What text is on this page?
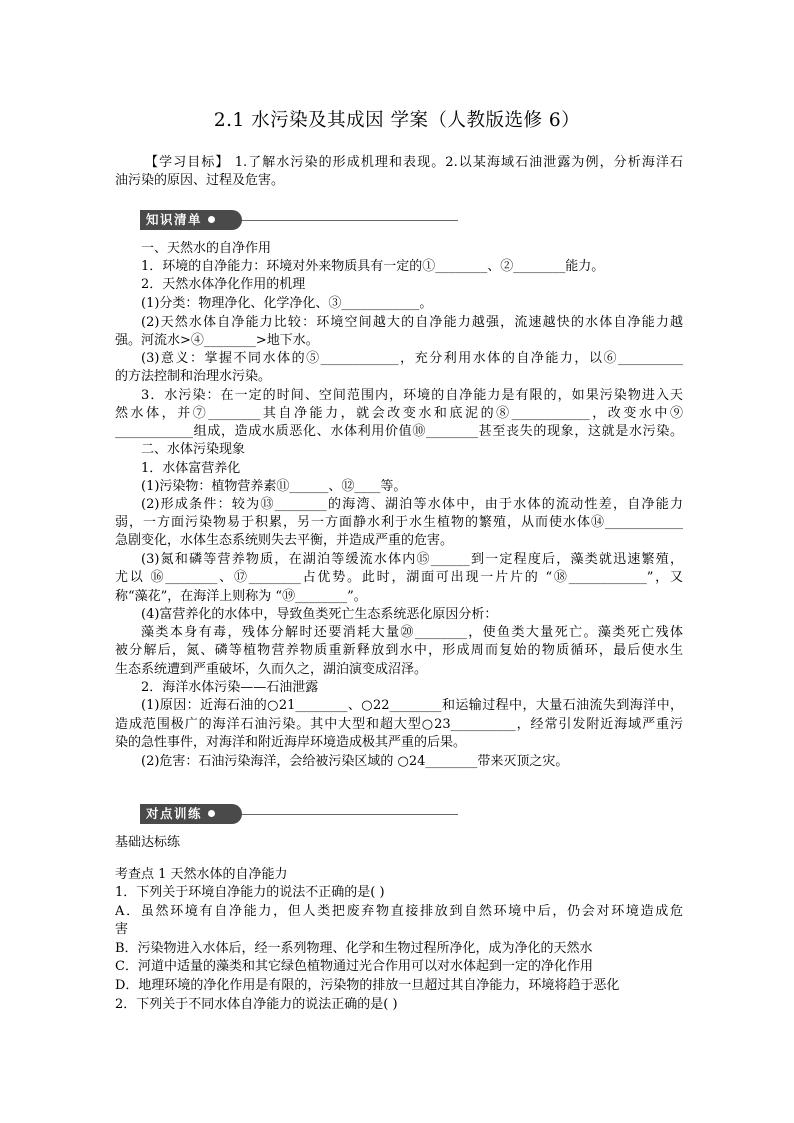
2.1 水污染及其成因 学案（人教版选修 6）
【学习目标】 1.了解水污染的形成机理和表现。2.以某海域石油泄露为例，分析海洋石
油污染的原因、过程及危害。
知识清单
一、天然水的自净作用
1．环境的自净能力：环境对外来物质具有一定的①________、②________能力。
2．天然水体净化作用的机理
(1)分类：物理净化、化学净化、③____________。
(2)天然水体自净能力比较：环境空间越大的自净能力越强，流速越快的水体自净能力越
强。河流水>④________>地下水。
(3)意义：掌握不同水体的⑤____________，充分利用水体的自净能力，以⑥__________
的方法控制和治理水污染。
3．水污染：在一定的时间、空间范围内，环境的自净能力是有限的，如果污染物进入天
然水体，并⑦________其自净能力，就会改变水和底泥的⑧____________，改变水中⑨
____________组成，造成水质恶化、水体利用价值⑩________甚至丧失的现象，这就是水污染。
二、水体污染现象
1．水体富营养化
(1)污染物：植物营养素⑪______、⑫____等。
(2)形成条件：较为⑬________的海湾、湖泊等水体中，由于水体的流动性差，自净能力
弱，一方面污染物易于积累，另一方面静水利于水生植物的繁殖，从而使水体⑭____________
急剧变化，水体生态系统则失去平衡，并造成严重的危害。
(3)氮和磷等营养物质，在湖泊等缓流水体内⑮______到一定程度后，藻类就迅速繁殖，
尤以 ⑯________、⑰________占优势。此时，湖面可出现一片片的 “⑱____________”，又
称“藻花”，在海洋上则称为 “⑲________”。
(4)富营养化的水体中，导致鱼类死亡生态系统恶化原因分析：
藻类本身有毒，残体分解时还要消耗大量⑳________，使鱼类大量死亡。藻类死亡残体
被分解后，氮、磷等植物营养物质重新释放到水中，形成周而复始的物质循环，最后使水生
生态系统遭到严重破坏，久而久之，湖泊演变成沼泽。
2．海洋水体污染——石油泄露
(1)原因：近海石油的○21________、○22________和运输过程中，大量石油流失到海洋中，
造成范围极广的海洋石油污染。其中大型和超大型○23__________，经常引发附近海域严重污
染的急性事件，对海洋和附近海岸环境造成极其严重的后果。
(2)危害：石油污染海洋，会给被污染区域的 ○24________带来灭顶之灾。
对点训练
基础达标练
考查点 1 天然水体的自净能力
1．下列关于环境自净能力的说法不正确的是( )
A．虽然环境有自净能力，但人类把废弃物直接排放到自然环境中后，仍会对环境造成危
害
B．污染物进入水体后，经一系列物理、化学和生物过程所净化，成为净化的天然水
C．河道中适量的藻类和其它绿色植物通过光合作用可以对水体起到一定的净化作用
D．地理环境的净化作用是有限的，污染物的排放一旦超过其自净能力，环境将趋于恶化
2．下列关于不同水体自净能力的说法正确的是( )
